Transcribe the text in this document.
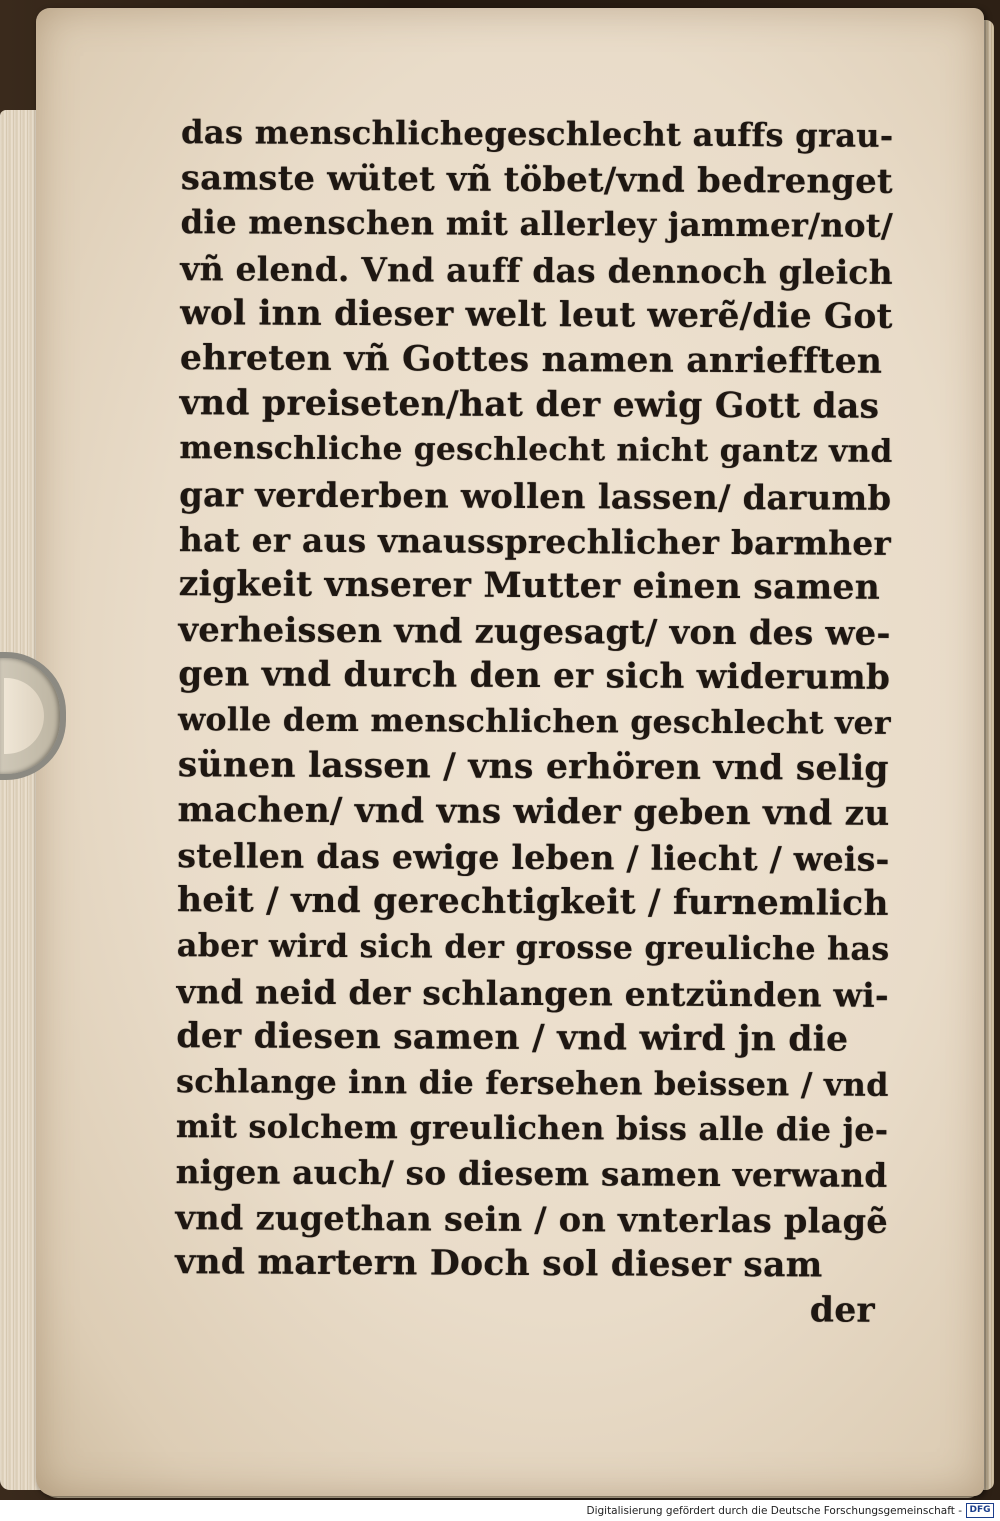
das menschlichegeschlecht auffs grau-
samste wütet vñ töbet/vnd bedrenget
die menschen mit allerley jammer/not/
vñ elend. Vnd auff das dennoch gleich
wol inn dieser welt leut werẽ/die Got
ehreten vñ Gottes namen anriefften
vnd preiseten/hat der ewig Gott das
menschliche geschlecht nicht gantz vnd
gar verderben wollen lassen/ darumb
hat er aus vnaussprechlicher barmher
zigkeit vnserer Mutter einen samen
verheissen vnd zugesagt/ von des we-
gen vnd durch den er sich widerumb
wolle dem menschlichen geschlecht ver
sünen lassen / vns erhören vnd selig
machen/ vnd vns wider geben vnd zu
stellen das ewige leben / liecht / weis-
heit / vnd gerechtigkeit / furnemlich
aber wird sich der grosse greuliche has
vnd neid der schlangen entzünden wi-
der diesen samen / vnd wird jn die
schlange inn die fersehen beissen / vnd
mit solchem greulichen biss alle die je-
nigen auch/ so diesem samen verwand
vnd zugethan sein / on vnterlas plagẽ
vnd martern Doch sol dieser sam
der
Digitalisierung gefördert durch die Deutsche Forschungsgemeinschaft - DFG
